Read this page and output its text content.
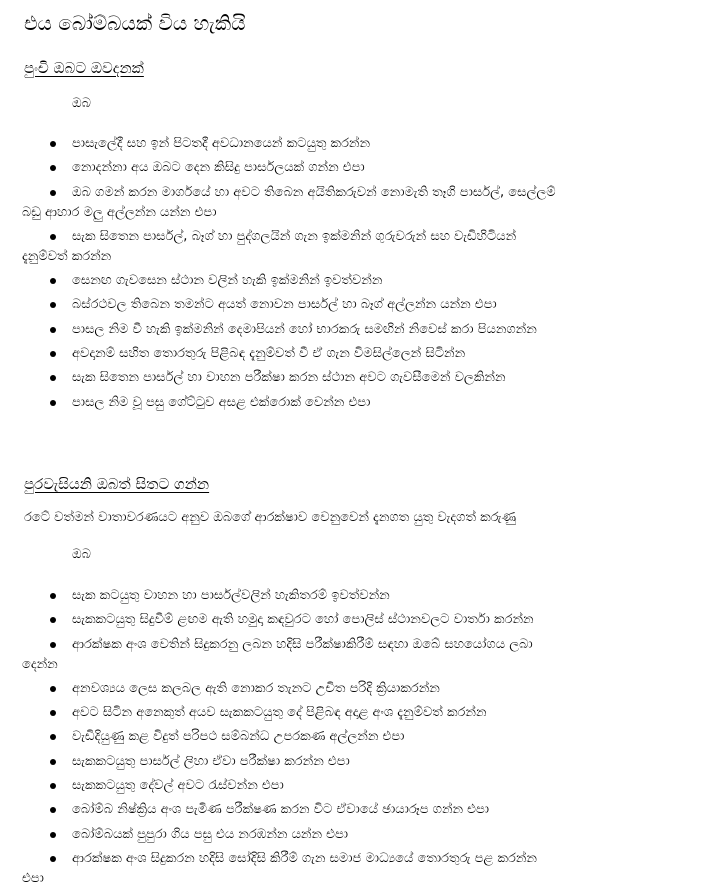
එය බෝම්බයක් විය හැකියි
පුංචි ඔබට ඔවදනක්

ඔබ

පාසැලේදී සහ ඉන් පිටතදී අවධානයෙන් කටයුතු කරන්න
නොදන්නා අය ඔබට දෙන කිසිදු පාර්සලයක් ගන්න එපා
ඔබ ගමන් කරන මාර්ගයේ හා අවට තිබෙන අයිතිකරුවන් නොමැති තෑගි පාර්සල්, සෙල්ලම්
බඩු ආහාර මලු අල්ලන්න යන්න එපා
සැක සිතෙන පාර්සල්, බෑග් හා පුද්ගලයින් ගැන ඉක්මනින් ගුරුවරුන් සහ වැඩිහිටියන්
දැනුම්වත් කරන්න
සෙනඟ ගැවසෙන ස්ථාන වලින් හැකි ඉක්මනින් ඉවත්වන්න
බස්රථවල තිබෙන තමන්ට අයත් නොවන පාර්සල් හා බෑග් අල්ලන්න යන්න එපා
පාසල නිම වී හැකි ඉක්මනින් දෙමාපියන් හෝ භාරකරු සමඟින් නිවෙස් කරා පියනගන්න
අවදානම් සහිත තොරතුරු පිළිබඳ දැනුම්වත් වී ඒ ගැන විමසිල්ලෙන් සිටින්න
සැක සිතෙන පාර්සල් හා වාහන පරීක්ෂා කරන ස්ථාන අවට ගැවසීමෙන් වලකින්න
පාසල නිම වූ පසු ගේට්ටුව අසළ එක්රොක් වෙන්න එපා
පුරවැසියනි ඔබත් සිතට ගන්න

රටේ වත්මන් වාතාවරණයට අනුව ඔබගේ ආරක්ෂාව වෙනුවෙන් දැනගත යුතු වැදගත් කරුණු

ඔබ

සැක කටයුතු වාහන හා පාර්සල්වලින් හැකිතරම් ඉවත්වන්න
සැකකටයුතු සිදුවීම් ළඟම ඇති හමුදා කඳවුරට හෝ පොලිස් ස්ථානවලට වාර්තා කරන්න
ආරක්ෂක අංශ වෙතින් සිදුකරනු ලබන හදිසි පරීක්ෂාකිරීම් සඳහා ඔබේ සහයෝගය ලබා
දෙන්න
අනවශ්‍යය ලෙස කලබල ඇති නොකර තැනට උචිත පරිදි ක්‍රියාකරන්න
අවට සිටින අනෙකුත් අයව සැකකටයුතු දේ පිළිබඳ අදාළ අංශ දැනුම්වත් කරන්න
වැඩිදියුණු කළ විදුත් පරිපථ සම්බන්ධ උපරකණ අල්ලන්න එපා
සැකකටයුතු පාර්සල් ලිහා ඒවා පරීක්ෂා කරන්න එපා
සැකකටයුතු දේවල් අවට රැස්වන්න එපා
බෝම්බ නිෂ්ක්‍රිය අංශ පැමිණ පරීක්ෂණ කරන විට ඒවායේ ඡායාරූප ගන්න එපා
බෝම්බයක් පුපුරා ගිය පසු එය නරඹන්න යන්න එපා
ආරක්ෂක අංශ සිදුකරන හදිසි සෝදිසි කිරීම් ගැන සමාජ මාධ්‍යයේ තොරතුරු පළ කරන්න
එපා
